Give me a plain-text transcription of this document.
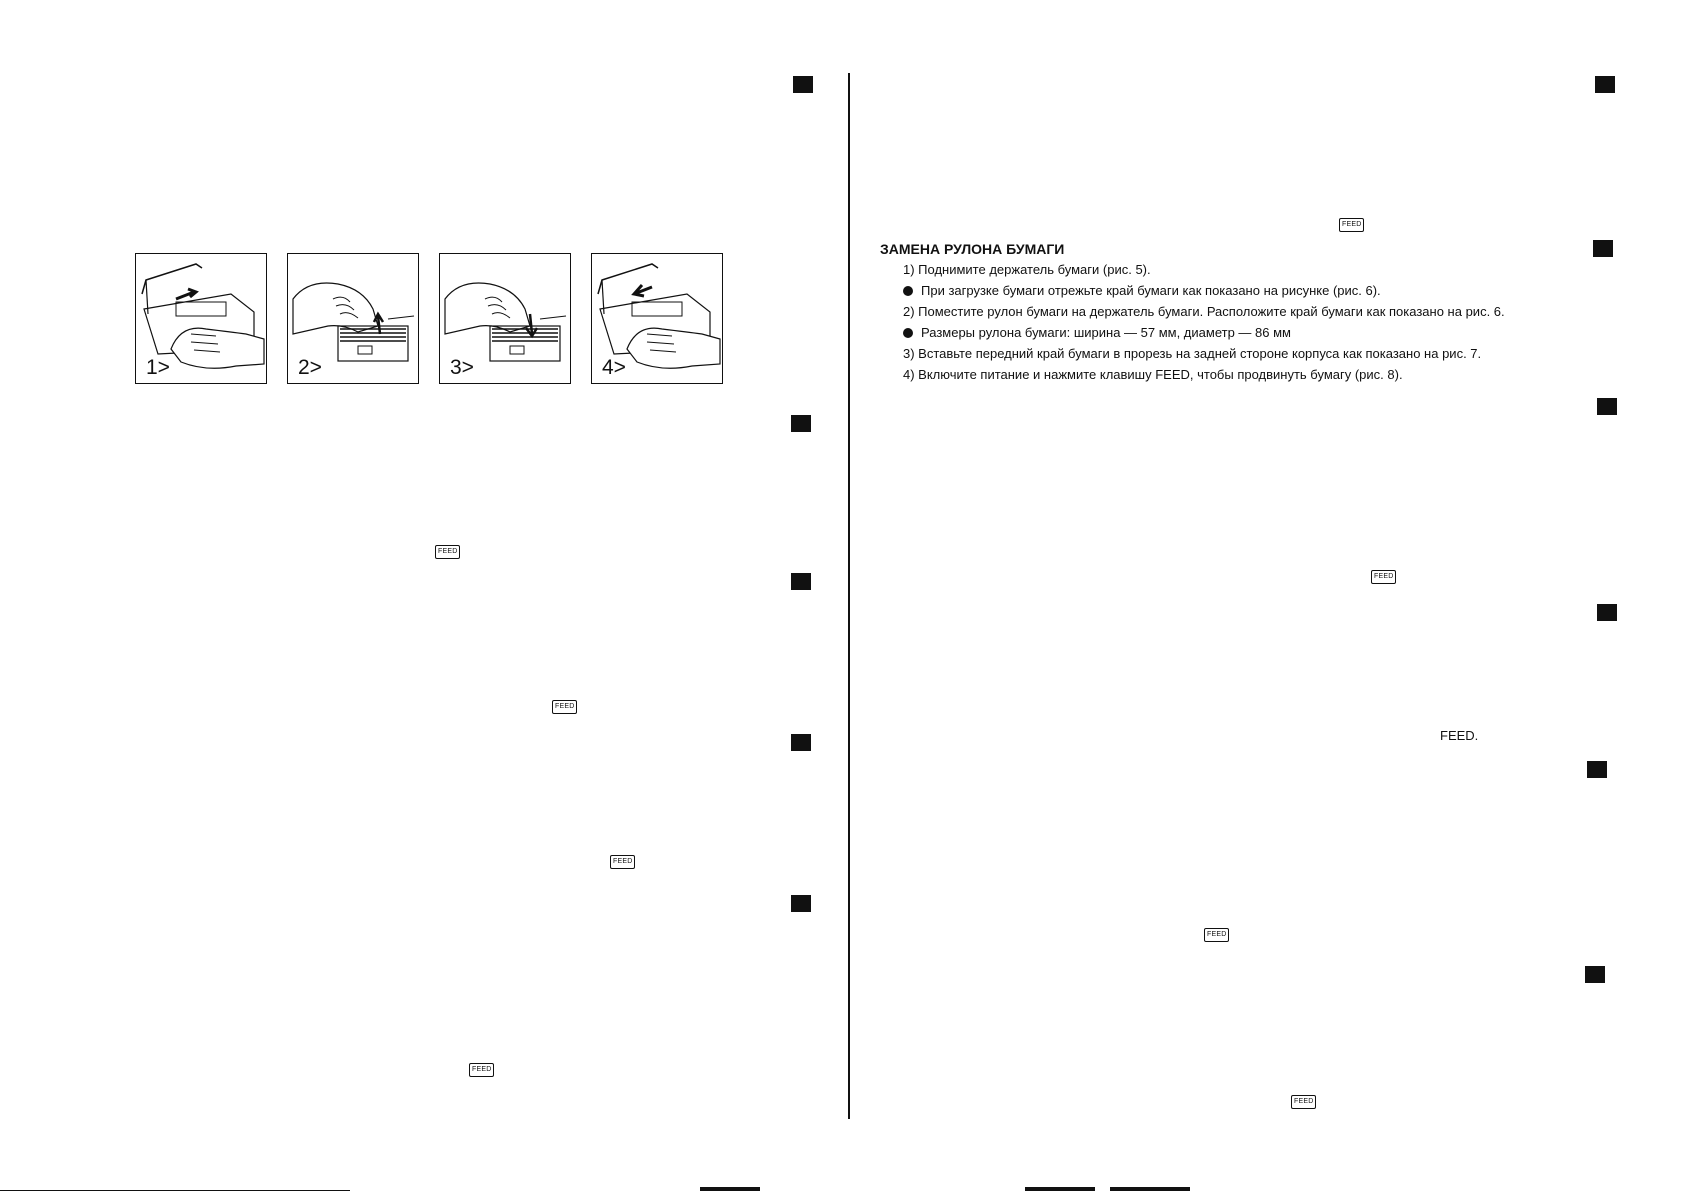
1>	2>	3>	4>
FEED
FEED
FEED
FEED
FEED
FEED
FEED
FEED
FEED.
ЗАМЕНА РУЛОНА БУМАГИ
1) Поднимите держатель бумаги (рис. 5).
При загрузке бумаги отрежьте край бумаги как показано на рисунке (рис. 6).
2) Поместите рулон бумаги на держатель бумаги. Расположите край бумаги как показано на рис. 6.
Размеры рулона бумаги: ширина — 57 мм, диаметр — 86 мм
3) Вставьте передний край бумаги в прорезь на задней стороне корпуса как показано на рис. 7.
4) Включите питание и нажмите клавишу FEED, чтобы продвинуть бумагу (рис. 8).
